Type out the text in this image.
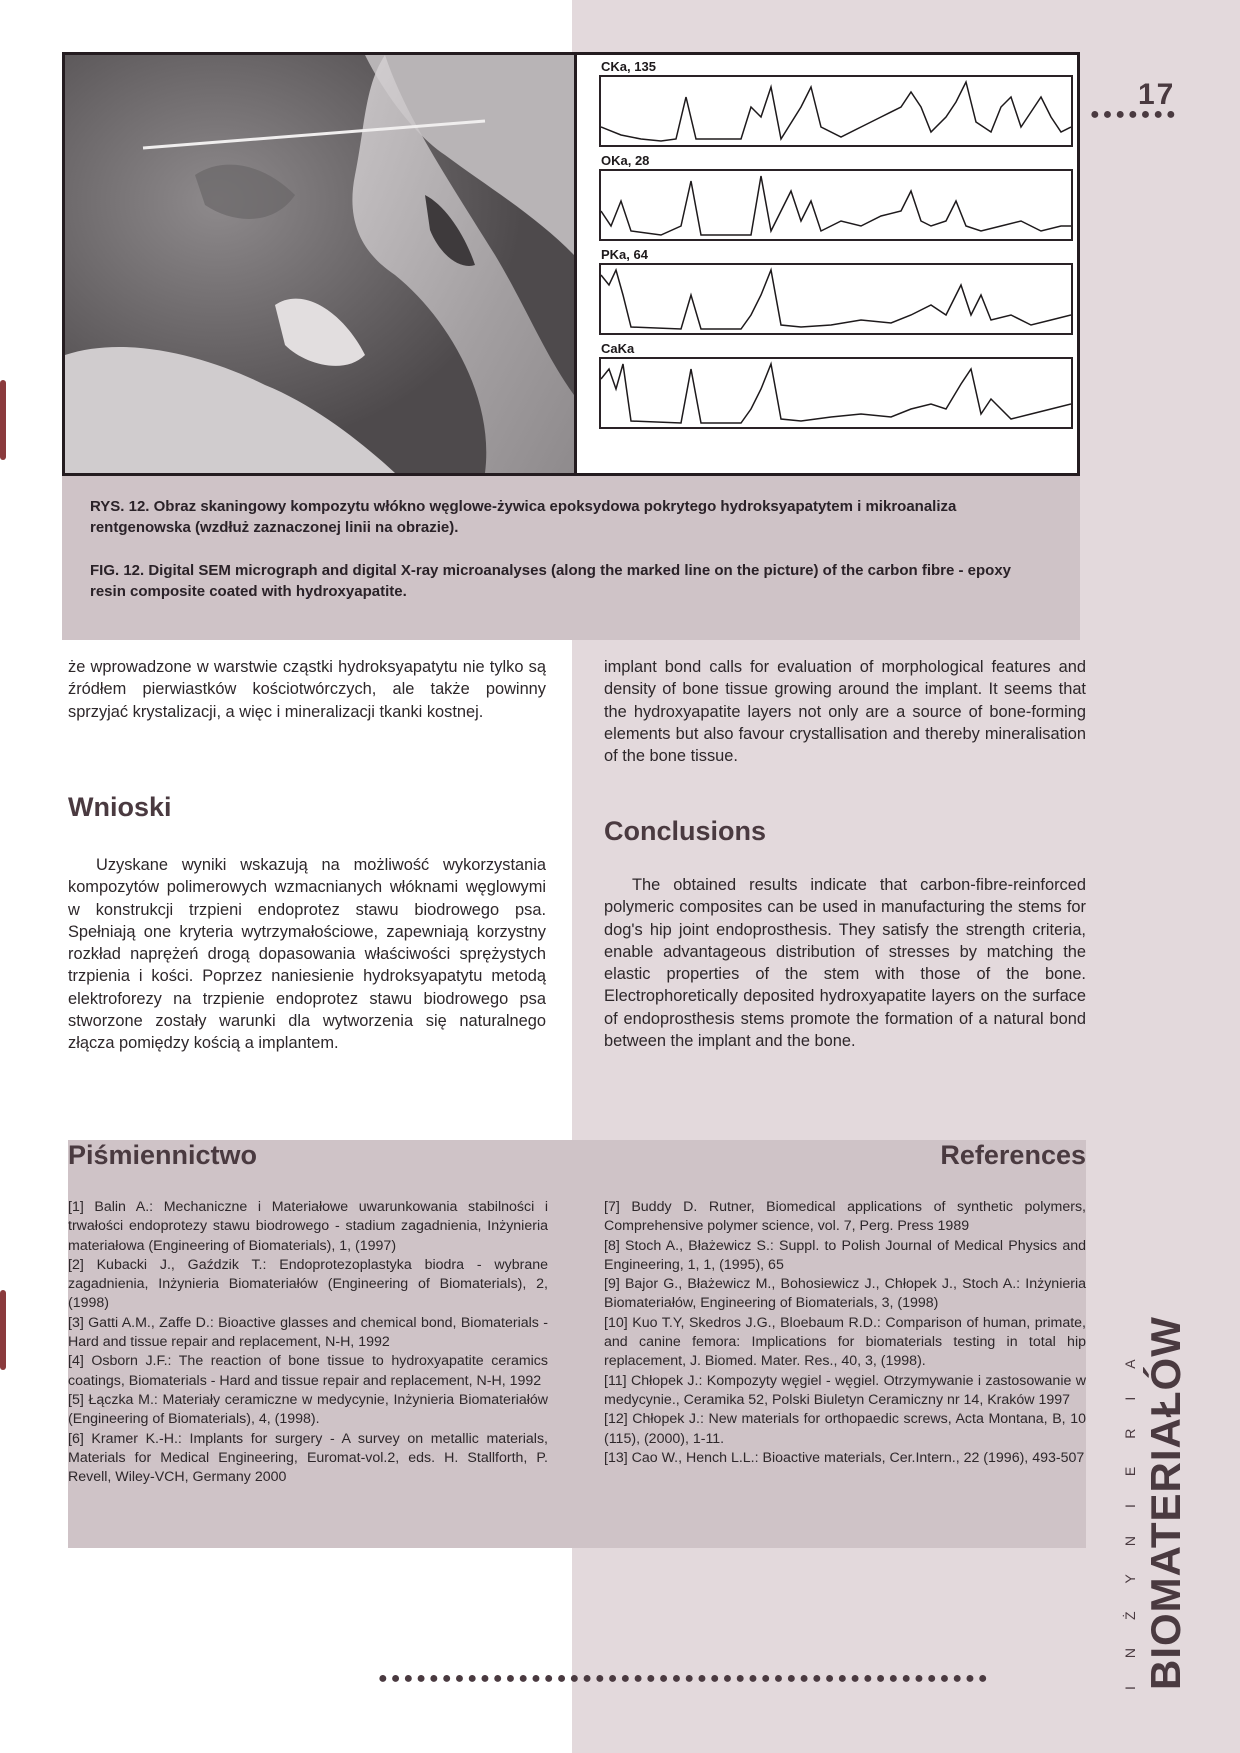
●●●●●●●
17
CKa, 135
OKa, 28
PKa, 64
CaKa
RYS. 12. Obraz skaningowy kompozytu włókno węglowe-żywica epoksydowa pokrytego hydroksyapatytem i mikroanaliza rentgenowska (wzdłuż zaznaczonej linii na obrazie).
FIG. 12. Digital SEM micrograph and digital X-ray microanalyses (along the marked line on the picture) of the carbon fibre - epoxy resin composite coated with hydroxyapatite.
że wprowadzone w warstwie cząstki hydroksyapatytu nie tylko są źródłem pierwiastków kościotwórczych, ale także powinny sprzyjać krystalizacji, a więc i mineralizacji tkanki kostnej.
Wnioski
Uzyskane wyniki wskazują na możliwość wykorzystania kompozytów polimerowych wzmacnianych włóknami węglowymi w konstrukcji trzpieni endoprotez stawu biodrowego psa. Spełniają one kryteria wytrzymałościowe, zapewniają korzystny rozkład naprężeń drogą dopasowania właściwości sprężystych trzpienia i kości. Poprzez naniesienie hydroksyapatytu metodą elektroforezy na trzpienie endoprotez stawu biodrowego psa stworzone zostały warunki dla wytworzenia się naturalnego złącza pomiędzy kością a implantem.
implant bond calls for evaluation of morphological features and density of bone tissue growing around the implant. It seems that the hydroxyapatite layers not only are a source of bone-forming elements but also favour crystallisation and thereby mineralisation of the bone tissue.
Conclusions
The obtained results indicate that carbon-fibre-reinforced polymeric composites can be used in manufacturing the stems for dog's hip joint endoprosthesis. They satisfy the strength criteria, enable advantageous distribution of stresses by matching the elastic properties of the stem with those of the bone. Electrophoretically deposited hydroxyapatite layers on the surface of endoprosthesis stems promote the formation of a natural bond between the implant and the bone.
Piśmiennictwo	References

[1] Balin A.: Mechaniczne i Materiałowe uwarunkowania stabilności i trwałości endoprotezy stawu biodrowego - stadium zagadnienia, Inżynieria materiałowa (Engineering of Biomaterials), 1, (1997)

[2] Kubacki J., Gaździk T.: Endoprotezoplastyka biodra - wybrane zagadnienia, Inżynieria Biomateriałów (Engineering of Biomaterials), 2, (1998)

[3] Gatti A.M., Zaffe D.: Bioactive glasses and chemical bond, Biomaterials - Hard and tissue repair and replacement, N-H, 1992

[4] Osborn J.F.: The reaction of bone tissue to hydroxyapatite ceramics coatings, Biomaterials - Hard and tissue repair and replacement, N-H, 1992

[5] Łączka M.: Materiały ceramiczne w medycynie, Inżynieria Biomateriałów (Engineering of Biomaterials), 4, (1998).

[6] Kramer K.-H.: Implants for surgery - A survey on metallic materials, Materials for Medical Engineering, Euromat-vol.2, eds. H. Stallforth, P. Revell, Wiley-VCH, Germany 2000

[7] Buddy D. Rutner, Biomedical applications of synthetic polymers, Comprehensive polymer science, vol. 7, Perg. Press 1989

[8] Stoch A., Błażewicz S.: Suppl. to Polish Journal of Medical Physics and Engineering, 1, 1, (1995), 65

[9] Bajor G., Błażewicz M., Bohosiewicz J., Chłopek J., Stoch A.: Inżynieria Biomateriałów, Engineering of Biomaterials, 3, (1998)

[10] Kuo T.Y, Skedros J.G., Bloebaum R.D.: Comparison of human, primate, and canine femora: Implications for biomaterials testing in total hip replacement, J. Biomed. Mater. Res., 40, 3, (1998).

[11] Chłopek J.: Kompozyty węgiel - węgiel. Otrzymywanie i zastosowanie w medycynie., Ceramika 52, Polski Biuletyn Ceramiczny nr 14, Kraków 1997

[12] Chłopek J.: New materials for orthopaedic screws, Acta Montana, B, 10 (115), (2000), 1-11.

[13] Cao W., Hench L.L.: Bioactive materials, Cer.Intern., 22 (1996), 493-507

●●●●●●●●●●●●●●●●●●●●●●●●●●●●●●●●●●●●●●●●●●●●●●●●	INŻYNIERIA BIOMATERIAŁÓW
